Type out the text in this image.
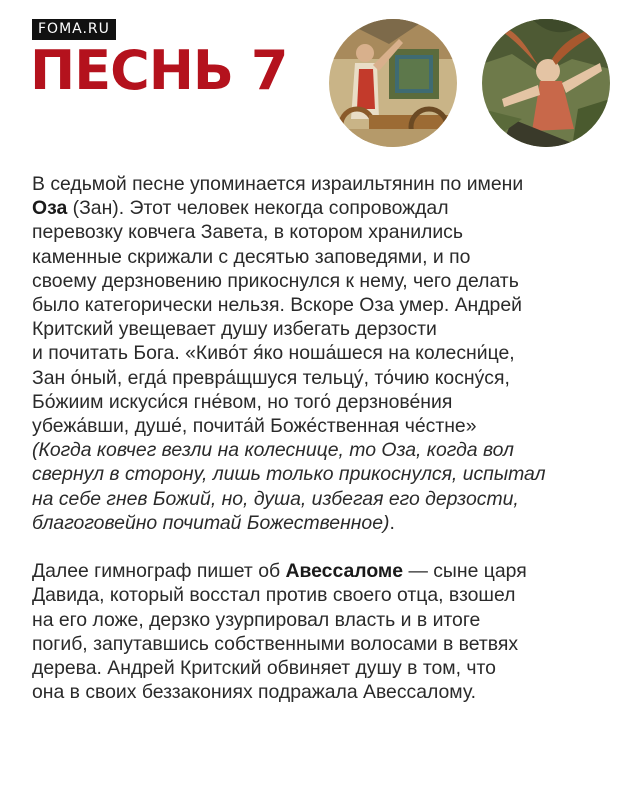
FOMA.RU
ПЕСНЬ 7
В седьмой песне упоминается израильтянин по имени
Оза (Зан). Этот человек некогда сопровождал
перевозку ковчега Завета, в котором хранились
каменные скрижали с десятью заповедями, и по
своему дерзновению прикоснулся к нему, чего делать
было категорически нельзя. Вскоре Оза умер. Андрей
Критский увещевает душу избегать дерзости
и почитать Бога. «Киво́т я́ко ноша́шеся на колесни́це,
Зан о́ный, егда́ превра́щшуся тельцу́, то́чию косну́ся,
Бо́жиим искуси́ся гне́вом, но того́ дерзнове́ния
убежа́вши, душе́, почита́й Боже́ственная че́стне»
(Когда ковчег везли на колеснице, то Оза, когда вол
свернул в сторону, лишь только прикоснулся, испытал
на себе гнев Божий, но, душа, избегая его дерзости,
благоговейно почитай Божественное).
Далее гимнограф пишет об Авессаломе — сыне царя
Давида, который восстал против своего отца, взошел
на его ложе, дерзко узурпировал власть и в итоге
погиб, запутавшись собственными волосами в ветвях
дерева. Андрей Критский обвиняет душу в том, что
она в своих беззакониях подражала Авессалому.
